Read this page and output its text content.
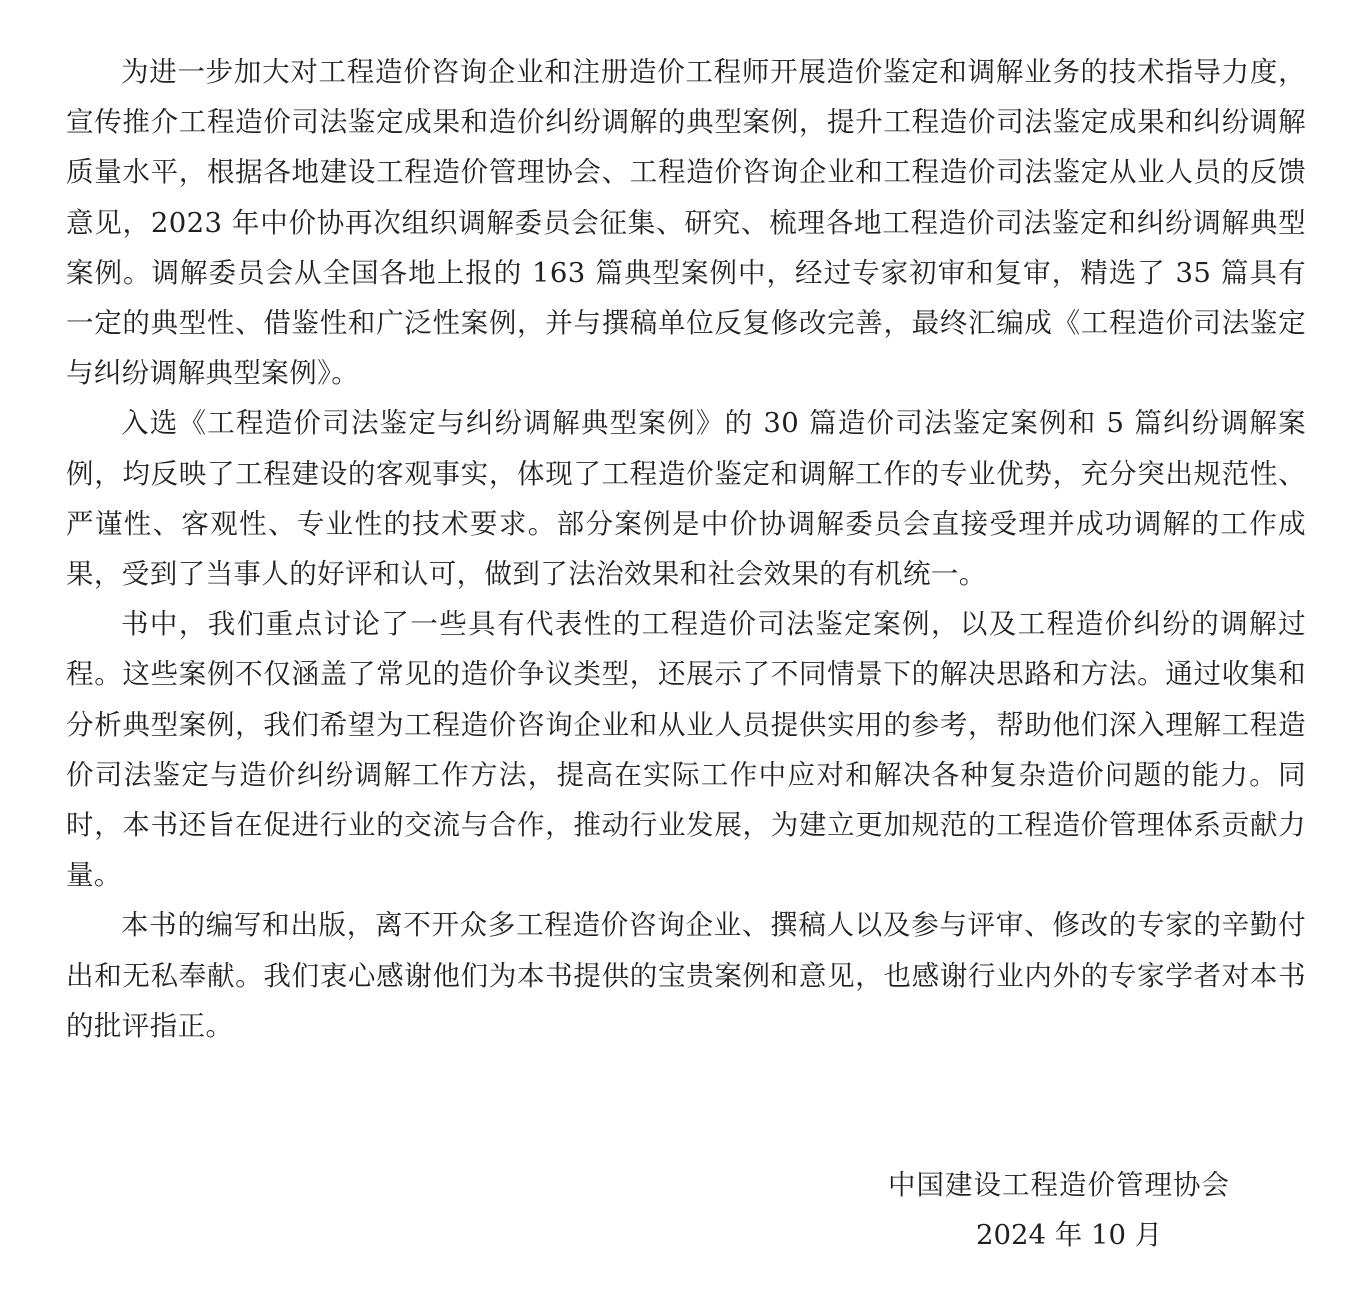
为进一步加大对工程造价咨询企业和注册造价工程师开展造价鉴定和调解业务的技术指导力度，宣传推介工程造价司法鉴定成果和造价纠纷调解的典型案例，提升工程造价司法鉴定成果和纠纷调解质量水平，根据各地建设工程造价管理协会、工程造价咨询企业和工程造价司法鉴定从业人员的反馈意见，2023 年中价协再次组织调解委员会征集、研究、梳理各地工程造价司法鉴定和纠纷调解典型案例。调解委员会从全国各地上报的 163 篇典型案例中，经过专家初审和复审，精选了 35 篇具有一定的典型性、借鉴性和广泛性案例，并与撰稿单位反复修改完善，最终汇编成《工程造价司法鉴定与纠纷调解典型案例》。

入选《工程造价司法鉴定与纠纷调解典型案例》的 30 篇造价司法鉴定案例和 5 篇纠纷调解案例，均反映了工程建设的客观事实，体现了工程造价鉴定和调解工作的专业优势，充分突出规范性、严谨性、客观性、专业性的技术要求。部分案例是中价协调解委员会直接受理并成功调解的工作成果，受到了当事人的好评和认可，做到了法治效果和社会效果的有机统一。

书中，我们重点讨论了一些具有代表性的工程造价司法鉴定案例，以及工程造价纠纷的调解过程。这些案例不仅涵盖了常见的造价争议类型，还展示了不同情景下的解决思路和方法。通过收集和分析典型案例，我们希望为工程造价咨询企业和从业人员提供实用的参考，帮助他们深入理解工程造价司法鉴定与造价纠纷调解工作方法，提高在实际工作中应对和解决各种复杂造价问题的能力。同时，本书还旨在促进行业的交流与合作，推动行业发展，为建立更加规范的工程造价管理体系贡献力量。

本书的编写和出版，离不开众多工程造价咨询企业、撰稿人以及参与评审、修改的专家的辛勤付出和无私奉献。我们衷心感谢他们为本书提供的宝贵案例和意见，也感谢行业内外的专家学者对本书的批评指正。

中国建设工程造价管理协会
2024 年 10 月
